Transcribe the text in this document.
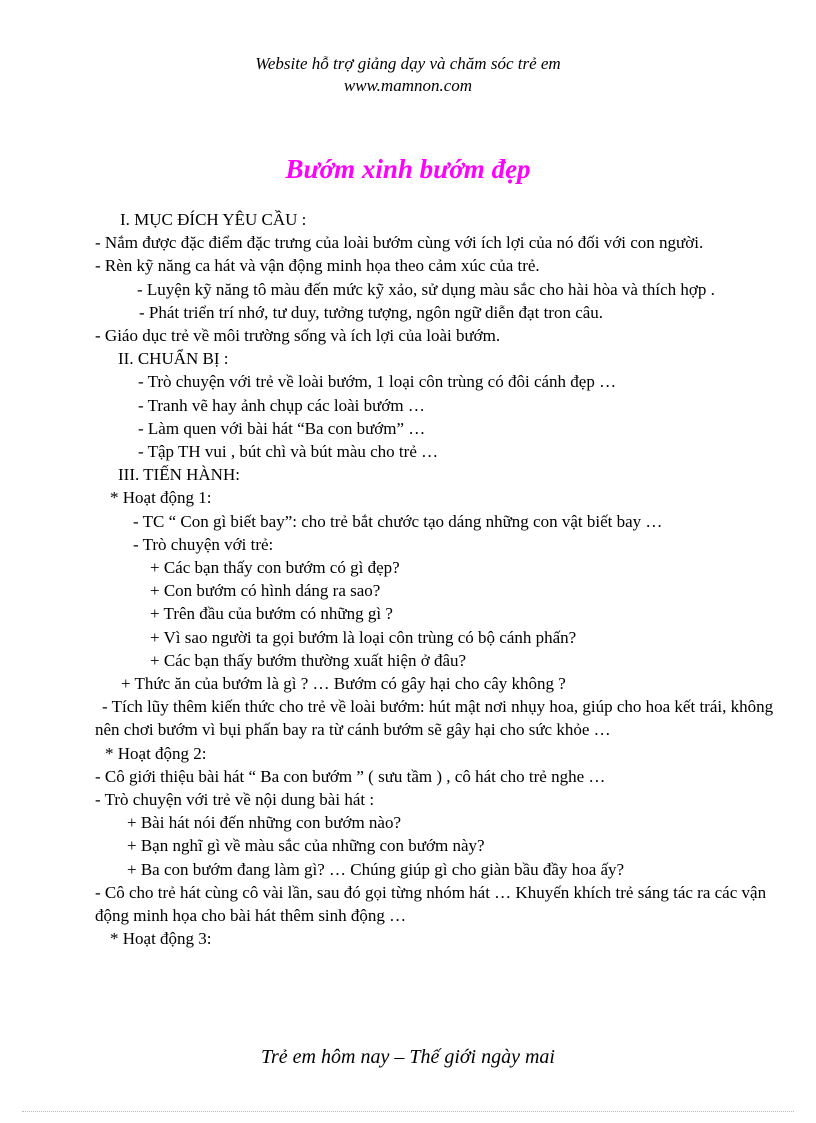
Website hỗ trợ giảng dạy và chăm sóc trẻ em
www.mamnon.com
Bướm xinh bướm đẹp
I. MỤC ĐÍCH YÊU CẦU :
- Nắm được đặc điểm đặc trưng của loài bướm cùng với ích lợi của nó đối với con người.
- Rèn kỹ năng ca hát và vận động minh họa theo cảm xúc của trẻ.
- Luyện kỹ năng tô màu đến mức kỹ xảo, sử dụng màu sắc cho hài hòa và thích hợp .
- Phát triển trí nhớ, tư duy, tưởng tượng, ngôn ngữ diễn đạt tron câu.
- Giáo dục trẻ về môi trường sống và ích lợi của loài bướm.
II. CHUẨN BỊ :
- Trò chuyện với trẻ về loài bướm, 1 loại côn trùng có đôi cánh đẹp …
- Tranh vẽ hay ảnh chụp các loài bướm …
- Làm quen với bài hát “Ba con bướm” …
- Tập TH vui , bút chì và bút màu cho trẻ …
III. TIẾN HÀNH:
* Hoạt động 1:
- TC “ Con gì biết bay”: cho trẻ bắt chước tạo dáng những con vật biết bay …
- Trò chuyện với trẻ:
+ Các bạn thấy con bướm có gì đẹp?
+ Con bướm có hình dáng ra sao?
+ Trên đầu của bướm có những gì ?
+ Vì sao người ta gọi bướm là loại côn trùng có bộ cánh phấn?
+ Các bạn thấy bướm thường xuất hiện ở đâu?
+ Thức ăn của bướm là gì ? … Bướm có gây hại cho cây không ?
- Tích lũy thêm kiến thức cho trẻ về loài bướm: hút mật nơi nhụy hoa, giúp cho hoa kết trái, không nên chơi bướm vì bụi phấn bay ra từ cánh bướm sẽ gây hại cho sức khỏe …
* Hoạt động 2:
- Cô giới thiệu bài hát “ Ba con bướm ” ( sưu tầm ) , cô hát cho trẻ nghe …
- Trò chuyện với trẻ về nội dung bài hát :
+ Bài hát nói đến những con bướm nào?
+ Bạn nghĩ gì về màu sắc của những con bướm này?
+ Ba con bướm đang làm gì? … Chúng giúp gì cho giàn bầu đầy hoa ấy?
- Cô cho trẻ hát cùng cô vài lần, sau đó gọi từng nhóm hát … Khuyến khích trẻ sáng tác ra các vận động minh họa cho bài hát thêm sinh động …
* Hoạt động 3:
Trẻ em hôm nay – Thế giới ngày mai
